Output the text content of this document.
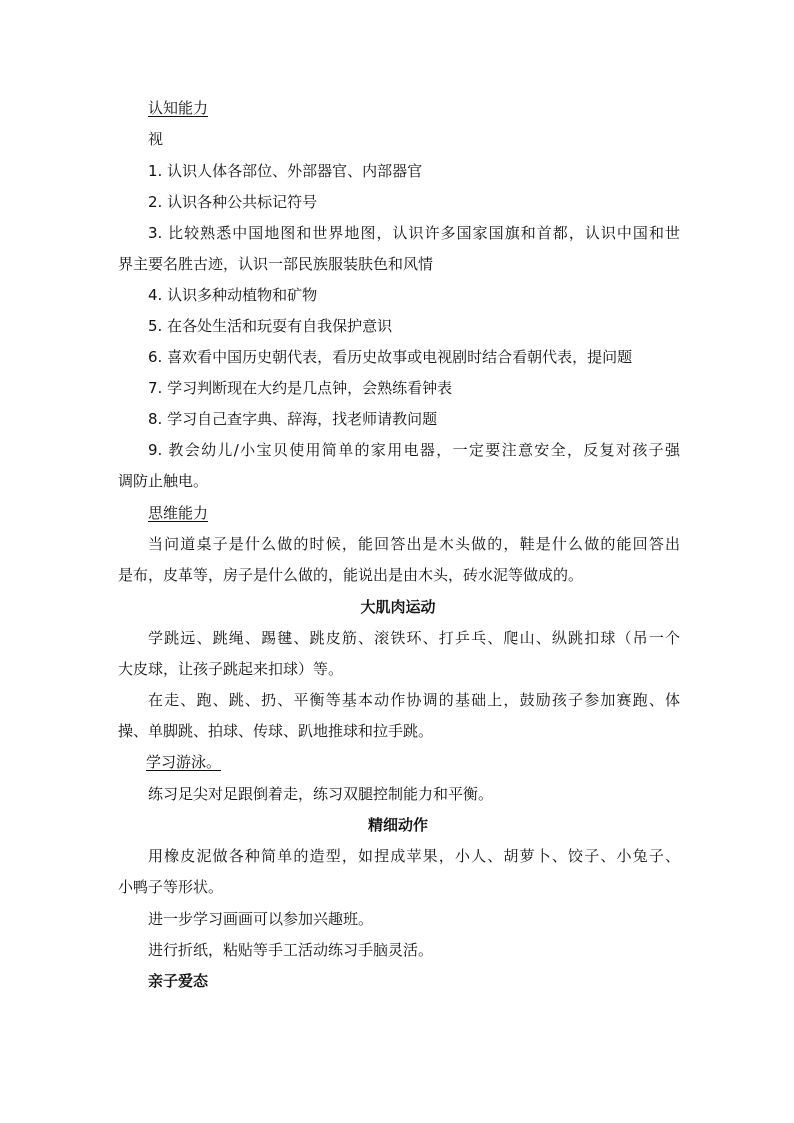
认知能力
视
1. 认识人体各部位、外部器官、内部器官
2. 认识各种公共标记符号
3. 比较熟悉中国地图和世界地图，认识许多国家国旗和首都，认识中国和世
界主要名胜古迹，认识一部民族服装肤色和风情
4. 认识多种动植物和矿物
5. 在各处生活和玩耍有自我保护意识
6. 喜欢看中国历史朝代表，看历史故事或电视剧时结合看朝代表，提问题
7. 学习判断现在大约是几点钟，会熟练看钟表
8. 学习自己查字典、辞海，找老师请教问题
9. 教会幼儿/小宝贝使用简单的家用电器，一定要注意安全，反复对孩子强
调防止触电。
思维能力
当问道桌子是什么做的时候，能回答出是木头做的，鞋是什么做的能回答出
是布，皮革等，房子是什么做的，能说出是由木头，砖水泥等做成的。
大肌肉运动
学跳远、跳绳、踢毽、跳皮筋、滚铁环、打乒乓、爬山、纵跳扣球（吊一个
大皮球，让孩子跳起来扣球）等。
在走、跑、跳、扔、平衡等基本动作协调的基础上，鼓励孩子参加赛跑、体
操、单脚跳、拍球、传球、趴地推球和拉手跳。
学习游泳。
练习足尖对足跟倒着走，练习双腿控制能力和平衡。
精细动作
用橡皮泥做各种简单的造型，如捏成苹果，小人、胡萝卜、饺子、小兔子、
小鸭子等形状。
进一步学习画画可以参加兴趣班。
进行折纸，粘贴等手工活动练习手脑灵活。
亲子爱态
